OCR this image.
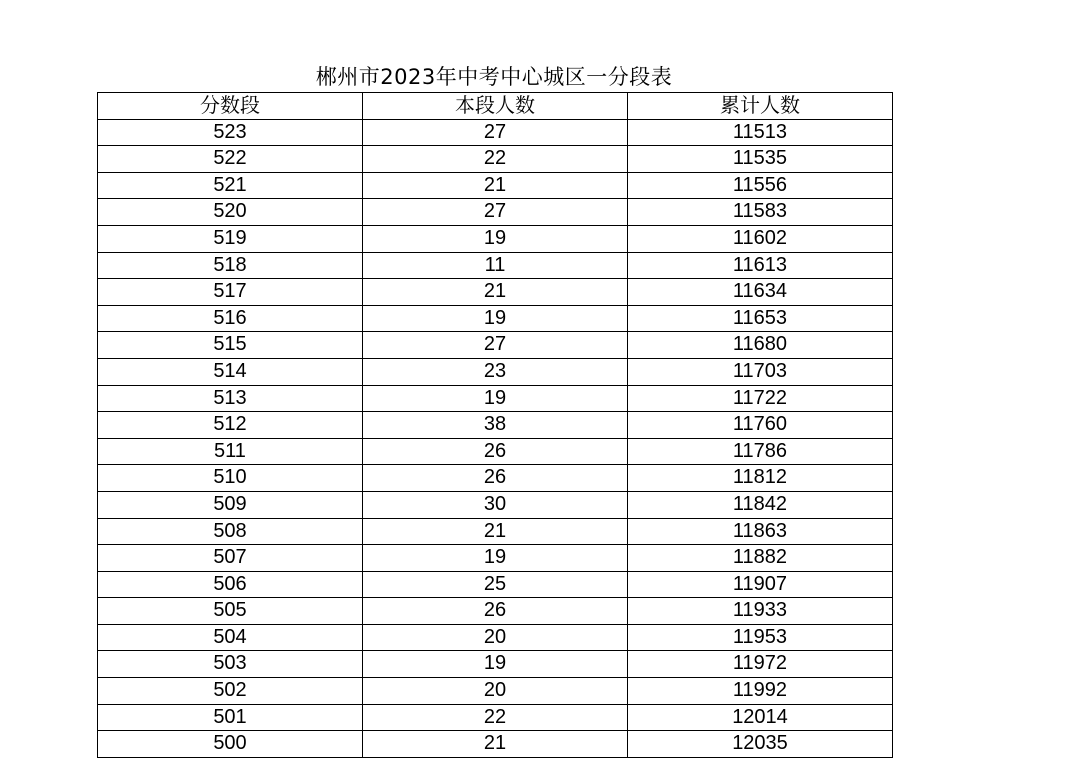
郴州市2023年中考中心城区一分段表
分数段	本段人数	累计人数
523	27	11513
522	22	11535
521	21	11556
520	27	11583
519	19	11602
518	11	11613
517	21	11634
516	19	11653
515	27	11680
514	23	11703
513	19	11722
512	38	11760
511	26	11786
510	26	11812
509	30	11842
508	21	11863
507	19	11882
506	25	11907
505	26	11933
504	20	11953
503	19	11972
502	20	11992
501	22	12014
500	21	12035
